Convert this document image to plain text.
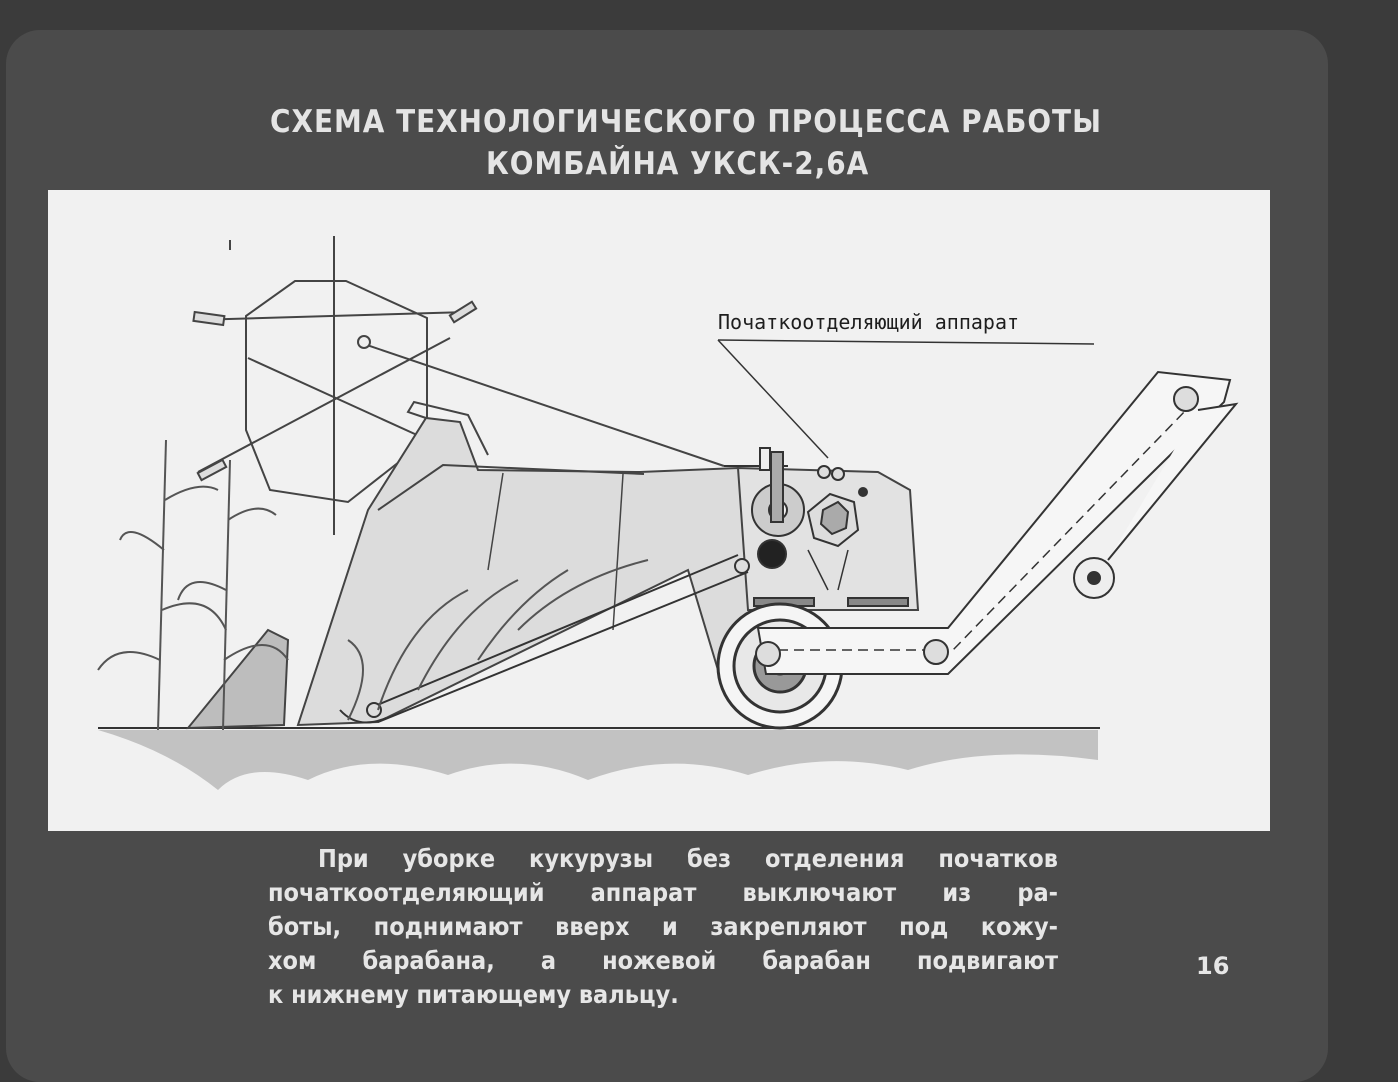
СХЕМА ТЕХНОЛОГИЧЕСКОГО ПРОЦЕССА РАБОТЫ
КОМБАЙНА УКСК-2,6А
Початкоотделяющий аппарат
При уборке кукурузы без отделения початков
початкоотделяющий аппарат выключают из ра-
боты, поднимают вверх и закрепляют под кожу-
хом барабана, а ножевой барабан подвигают
к нижнему питающему вальцу.
16
